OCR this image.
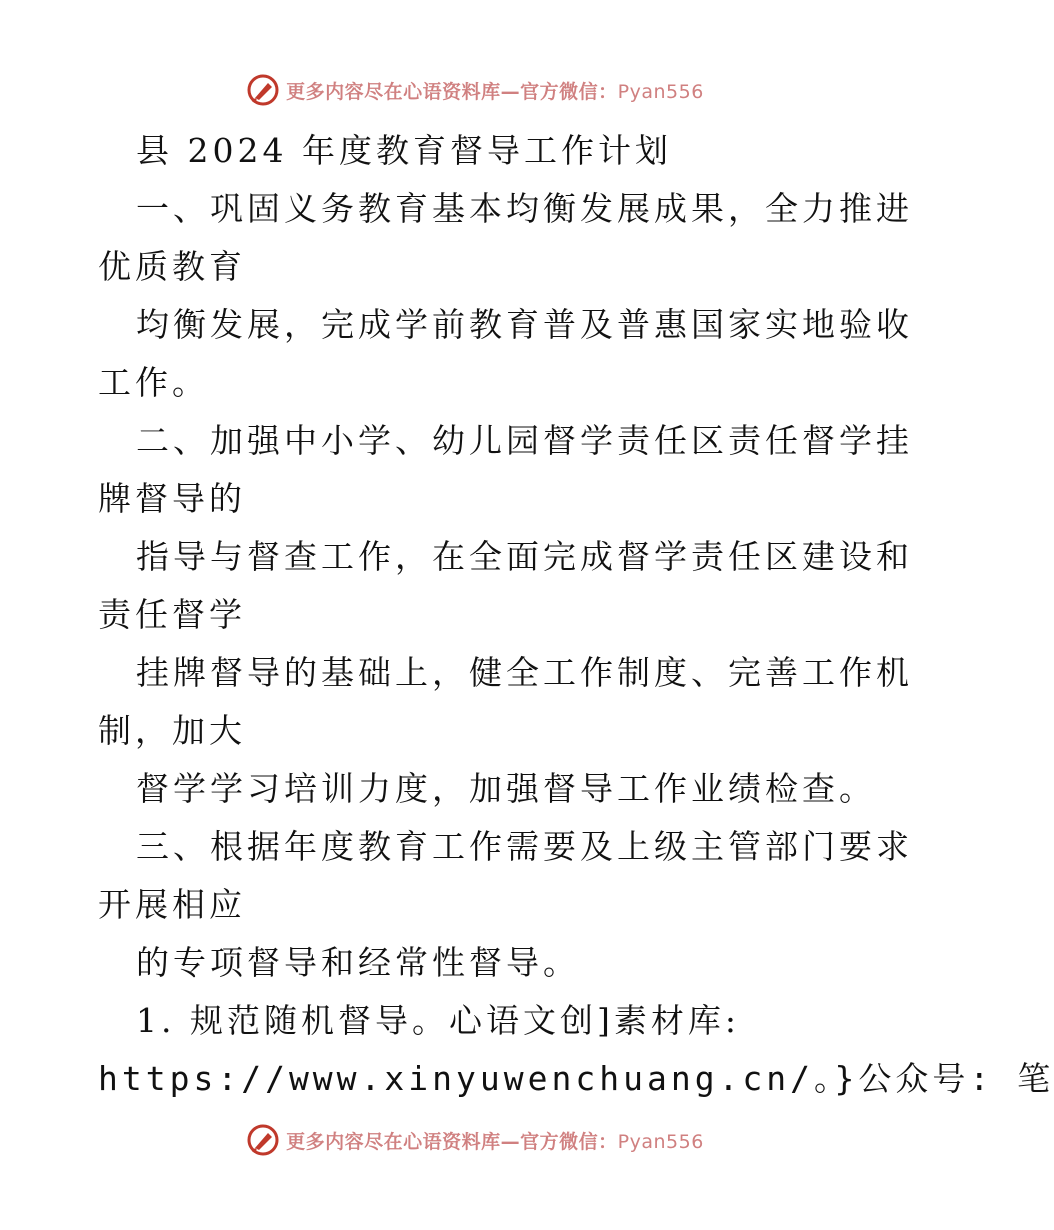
更多内容尽在心语资料库—官方微信：Pyan556
县 2024 年度教育督导工作计划
一、巩固义务教育基本均衡发展成果，全力推进
优质教育
均衡发展，完成学前教育普及普惠国家实地验收
工作。
二、加强中小学、幼儿园督学责任区责任督学挂
牌督导的
指导与督查工作，在全面完成督学责任区建设和
责任督学
挂牌督导的基础上，健全工作制度、完善工作机
制，加大
督学学习培训力度，加强督导工作业绩检查。
三、根据年度教育工作需要及上级主管部门要求
开展相应
的专项督导和经常性督导。
1. 规范随机督导。心语文创]素材库:
https://www.xinyuwenchuang.cn/。}公众号: 笔
更多内容尽在心语资料库—官方微信：Pyan556
